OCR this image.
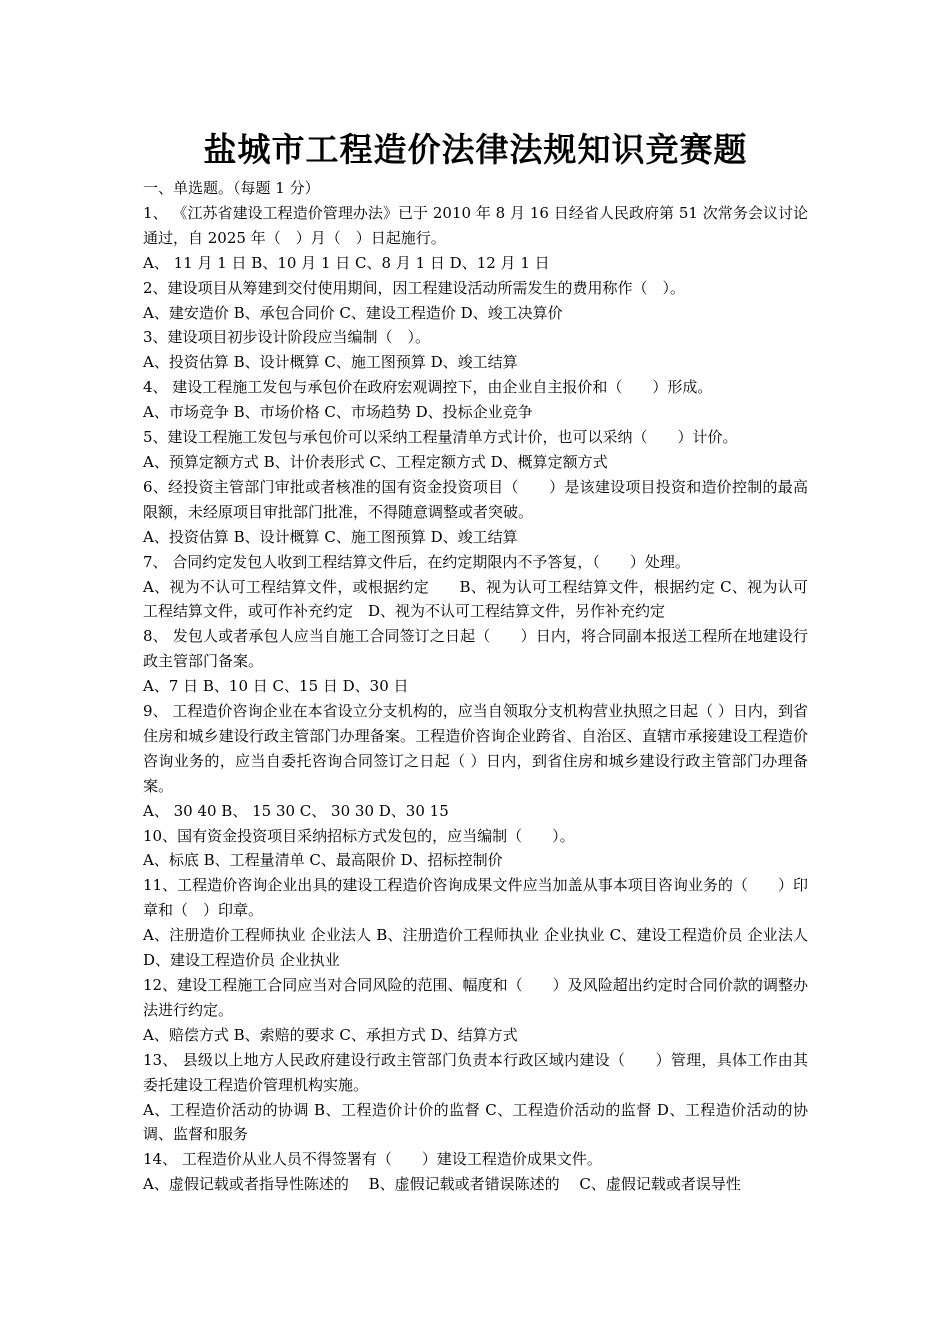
盐城市工程造价法律法规知识竞赛题
一、单选题。（每题 1 分）
1、 《江苏省建设工程造价管理办法》已于 2010 年 8 月 16 日经省人民政府第 51 次常务会议讨论通过，自 2025 年（　）月（　）日起施行。
A、 11 月 1 日 B、10 月 1 日 C、8 月 1 日 D、12 月 1 日
2、建设项目从筹建到交付使用期间，因工程建设活动所需发生的费用称作（　）。
A、建安造价 B、承包合同价 C、建设工程造价 D、竣工决算价
3、建设项目初步设计阶段应当编制（　）。
A、投资估算 B、设计概算 C、施工图预算 D、竣工结算
4、 建设工程施工发包与承包价在政府宏观调控下，由企业自主报价和（　　）形成。
A、市场竞争 B、市场价格 C、市场趋势 D、投标企业竞争
5、建设工程施工发包与承包价可以采纳工程量清单方式计价，也可以采纳（　　）计价。
A、预算定额方式 B、计价表形式 C、工程定额方式 D、概算定额方式
6、经投资主管部门审批或者核准的国有资金投资项目（　　）是该建设项目投资和造价控制的最高限额，未经原项目审批部门批准，不得随意调整或者突破。
A、投资估算 B、设计概算 C、施工图预算 D、竣工结算
7、 合同约定发包人收到工程结算文件后，在约定期限内不予答复，（　　）处理。
A、视为不认可工程结算文件，或根据约定　　B、视为认可工程结算文件，根据约定 C、视为认可工程结算文件，或可作补充约定　D、视为不认可工程结算文件，另作补充约定
8、 发包人或者承包人应当自施工合同签订之日起（　　）日内，将合同副本报送工程所在地建设行政主管部门备案。
A、7 日 B、10 日 C、15 日 D、30 日
9、 工程造价咨询企业在本省设立分支机构的，应当自领取分支机构营业执照之日起（ ）日内，到省住房和城乡建设行政主管部门办理备案。工程造价咨询企业跨省、自治区、直辖市承接建设工程造价咨询业务的，应当自委托咨询合同签订之日起（ ）日内，到省住房和城乡建设行政主管部门办理备案。
A、 30 40 B、 15 30 C、 30 30 D、30 15
10、国有资金投资项目采纳招标方式发包的，应当编制（　　）。
A、标底 B、工程量清单 C、最高限价 D、招标控制价
11、工程造价咨询企业出具的建设工程造价咨询成果文件应当加盖从事本项目咨询业务的（　　）印章和（　）印章。
A、注册造价工程师执业 企业法人 B、注册造价工程师执业 企业执业 C、建设工程造价员 企业法人 D、建设工程造价员 企业执业
12、建设工程施工合同应当对合同风险的范围、幅度和（　　）及风险超出约定时合同价款的调整办法进行约定。
A、赔偿方式 B、索赔的要求 C、承担方式 D、结算方式
13、 县级以上地方人民政府建设行政主管部门负责本行政区域内建设（　　）管理，具体工作由其委托建设工程造价管理机构实施。
A、工程造价活动的协调 B、工程造价计价的监督 C、工程造价活动的监督 D、工程造价活动的协调、监督和服务
14、 工程造价从业人员不得签署有（　　）建设工程造价成果文件。
A、虚假记载或者指导性陈述的　 B、虚假记载或者错误陈述的　 C、虚假记载或者误导性
